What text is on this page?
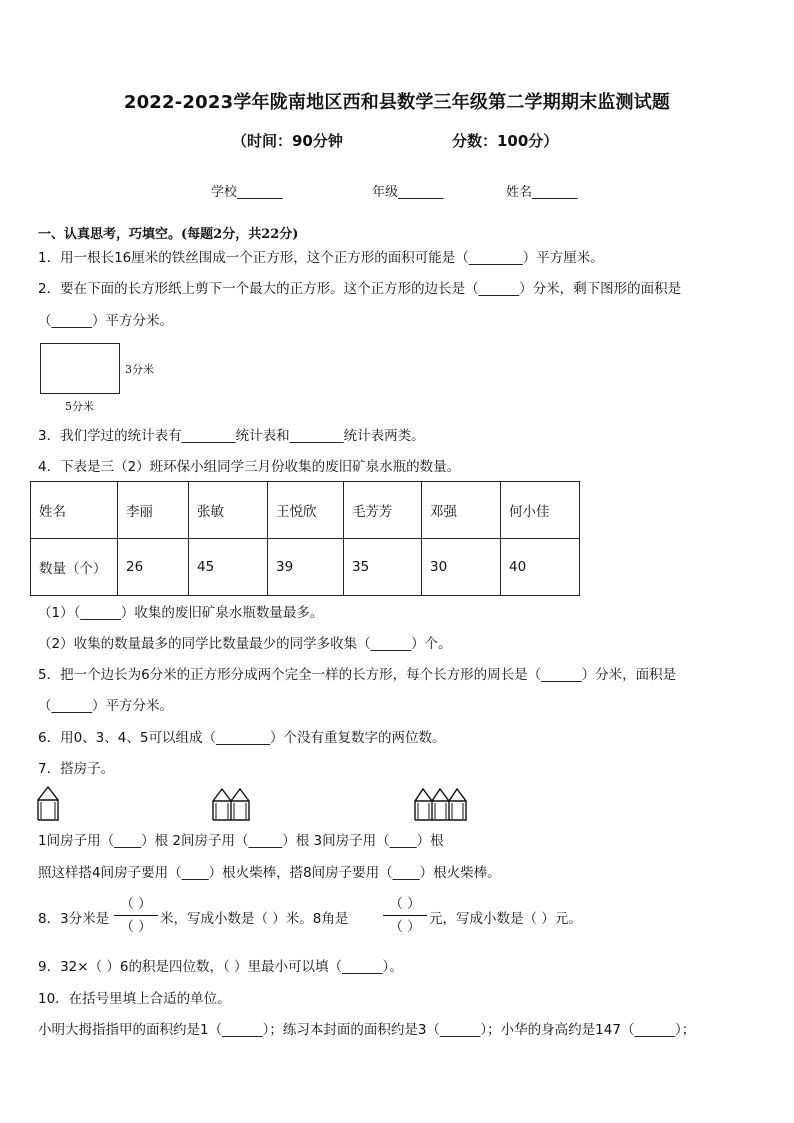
2022-2023学年陇南地区西和县数学三年级第二学期期末监测试题
（时间：90分钟	分数：100分）
学校_______	年级_______	姓名_______
一、认真思考，巧填空。(每题2分，共22分)
1．用一根长16厘米的铁丝围成一个正方形，这个正方形的面积可能是（________）平方厘米。
2．要在下面的长方形纸上剪下一个最大的正方形。这个正方形的边长是（______）分米，剩下图形的面积是
（______）平方分米。
3分米
5分米
3．我们学过的统计表有________统计表和________统计表两类。
4．下表是三（2）班环保小组同学三月份收集的废旧矿泉水瓶的数量。
姓名	李丽	张敏	王悦欣	毛芳芳	邓强	何小佳
数量（个）	26	45	39	35	30	40
（1）（______）收集的废旧矿泉水瓶数量最多。
（2）收集的数量最多的同学比数量最少的同学多收集（______）个。
5．把一个边长为6分米的正方形分成两个完全一样的长方形，每个长方形的周长是（______）分米，面积是
（______）平方分米。
6．用0、3、4、5可以组成（________）个没有重复数字的两位数。
7．搭房子。
1间房子用（____）根 2间房子用（_____）根 3间房子用（____）根
照这样搭4间房子要用（____）根火柴棒，搭8间房子要用（____）根火柴棒。
8．3分米是
（ ）
（ ） 米，写成小数是（ ）米。8角是
（ ）
（ ） 元，写成小数是（ ）元。
9．32×（ ）6的积是四位数，（ ）里最小可以填（______）。
10．在括号里填上合适的单位。
小明大拇指指甲的面积约是1（______）；练习本封面的面积约是3（______）；小华的身高约是147（______）；
